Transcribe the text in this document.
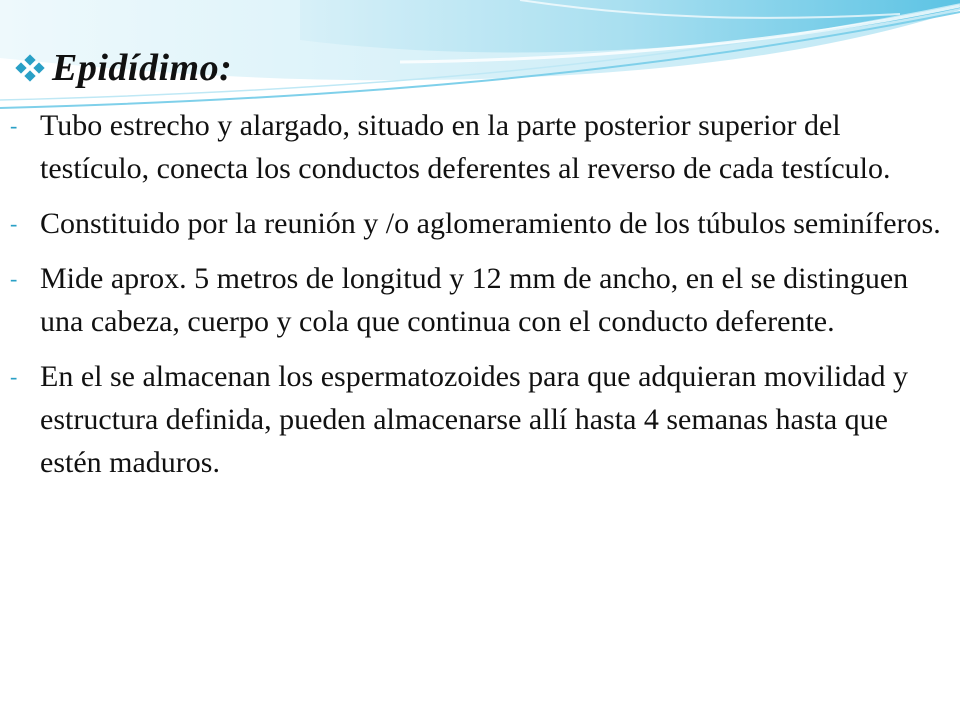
Epidídimo:
- Tubo estrecho y alargado, situado en la parte posterior superior del testículo, conecta los conductos deferentes al reverso de cada testículo.
- Constituido por la reunión y /o aglomeramiento de los túbulos seminíferos.
- Mide aprox. 5 metros de longitud y 12 mm de ancho, en el se distinguen una cabeza, cuerpo y cola que continua con el conducto deferente.
- En el se almacenan los espermatozoides para que adquieran movilidad y estructura definida, pueden almacenarse allí hasta 4 semanas hasta que estén maduros.
